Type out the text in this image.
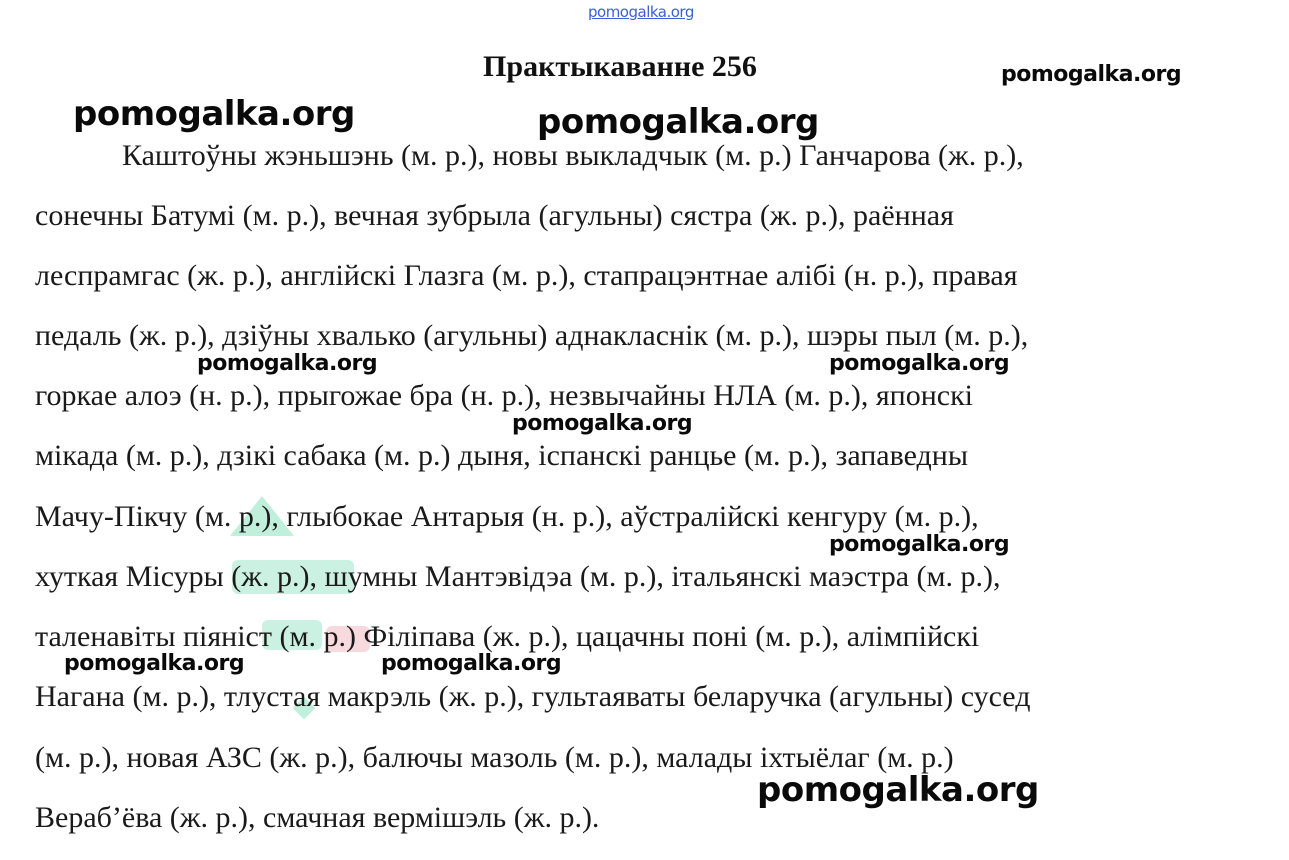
pomogalka.org
Практыкаванне 256
Каштоўны жэньшэнь (м. р.), новы выкладчык (м. р.) Ганчарова (ж. р.),
сонечны Батумі (м. р.), вечная зубрыла (агульны) сястра (ж. р.), раённая
леспрамгас (ж. р.), англійскі Глазга (м. р.), стапрацэнтнае алібі (н. р.), правая
педаль (ж. р.), дзіўны хвалько (агульны) аднакласнік (м. р.), шэры пыл (м. р.),
горкае алоэ (н. р.), прыгожае бра (н. р.), незвычайны НЛА (м. р.), японскі
мікада (м. р.), дзікі сабака (м. р.) дыня, іспанскі ранцье (м. р.), запаведны
Мачу-Пікчу (м. р.), глыбокае Антарыя (н. р.), аўстралійскі кенгуру (м. р.),
хуткая Місуры (ж. р.), шумны Мантэвідэа (м. р.), італьянскі маэстра (м. р.),
таленавіты піяніст (м. р.) Філіпава (ж. р.), цацачны поні (м. р.), алімпійскі
Нагана (м. р.), тлустая макрэль (ж. р.), гультаяваты беларучка (агульны) сусед
(м. р.), новая АЗС (ж. р.), балючы мазоль (м. р.), малады іхтыёлаг (м. р.)
Вераб’ёва (ж. р.), смачная вермішэль (ж. р.).
pomogalka.org
pomogalka.org	pomogalka.org
pomogalka.org	pomogalka.org
pomogalka.org
pomogalka.org
pomogalka.org	pomogalka.org
pomogalka.org
